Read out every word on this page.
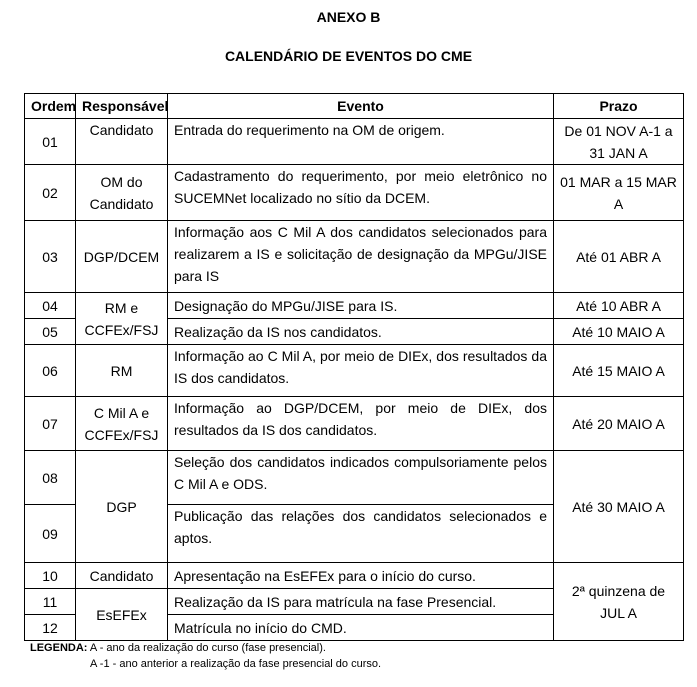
ANEXO B
CALENDÁRIO DE EVENTOS DO CME
Ordem	Responsável	Evento	Prazo
01	Candidato	Entrada do requerimento na OM de origem.	De 01 NOV A-1 a 31 JAN A
02	OM do Candidato	Cadastramento do requerimento, por meio eletrônico no SUCEMNet localizado no sítio da DCEM.	01 MAR a 15 MAR A
03	DGP/DCEM	Informação aos C Mil A dos candidatos selecionados para realizarem a IS e solicitação de designação da MPGu/JISE para IS	Até 01 ABR A
04	RM e CCFEx/FSJ	Designação do MPGu/JISE para IS.	Até 10 ABR A
05		Realização da IS nos candidatos.	Até 10 MAIO A
06	RM	Informação ao C Mil A, por meio de DIEx, dos resultados da IS dos candidatos.	Até 15 MAIO A
07	C Mil A e CCFEx/FSJ	Informação ao DGP/DCEM, por meio de DIEx, dos resultados da IS dos candidatos.	Até 20 MAIO A
08	DGP	Seleção dos candidatos indicados compulsoriamente pelos C Mil A e ODS.	Até 30 MAIO A
09		Publicação das relações dos candidatos selecionados e aptos.	
10	Candidato	Apresentação na EsEFEx para o início do curso.	2ª quinzena de JUL A
11	EsEFEx	Realização da IS para matrícula na fase Presencial.	
12		Matrícula no início do CMD.	
LEGENDA: A - ano da realização do curso (fase presencial).
A -1 - ano anterior a realização da fase presencial do curso.
